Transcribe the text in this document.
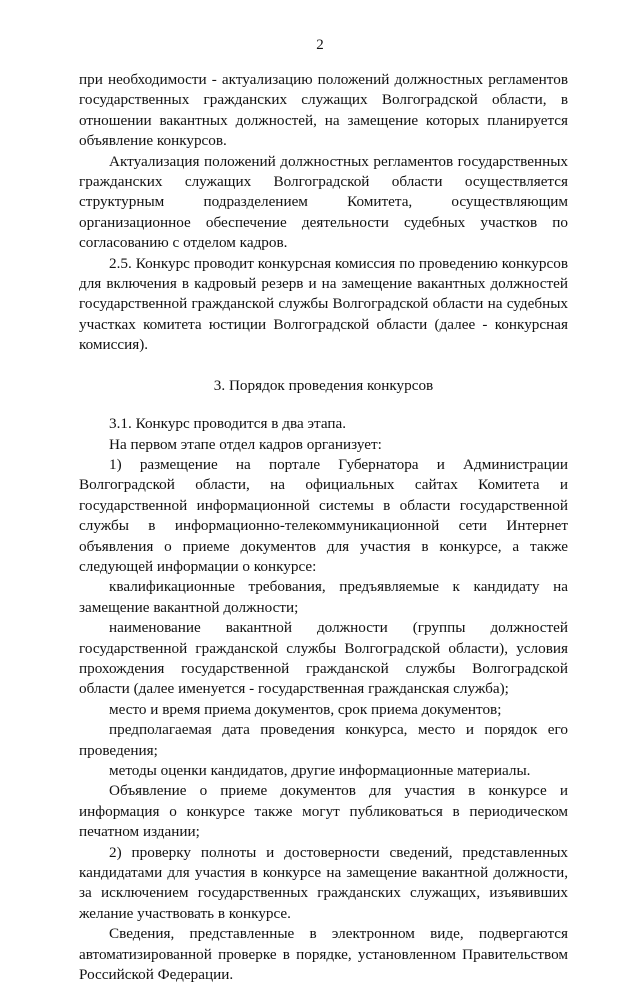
2

при необходимости - актуализацию положений должностных регламентов государственных гражданских служащих Волгоградской области, в отношении вакантных должностей, на замещение которых планируется объявление конкурсов.

Актуализация положений должностных регламентов государственных гражданских служащих Волгоградской области осуществляется структурным подразделением Комитета, осуществляющим организационное обеспечение деятельности судебных участков по согласованию с отделом кадров.

2.5. Конкурс проводит конкурсная комиссия по проведению конкурсов для включения в кадровый резерв и на замещение вакантных должностей государственной гражданской службы Волгоградской области на судебных участках комитета юстиции Волгоградской области (далее - конкурсная комиссия).

3. Порядок проведения конкурсов

3.1. Конкурс проводится в два этапа.

На первом этапе отдел кадров организует:

1) размещение на портале Губернатора и Администрации Волгоградской области, на официальных сайтах Комитета и государственной информационной системы в области государственной службы в информационно-телекоммуникационной сети Интернет объявления о приеме документов для участия в конкурсе, а также следующей информации о конкурсе:

квалификационные требования, предъявляемые к кандидату на замещение вакантной должности;

наименование вакантной должности (группы должностей государственной гражданской службы Волгоградской области), условия прохождения государственной гражданской службы Волгоградской области (далее именуется - государственная гражданская служба);

место и время приема документов, срок приема документов;

предполагаемая дата проведения конкурса, место и порядок его проведения;

методы оценки кандидатов, другие информационные материалы.

Объявление о приеме документов для участия в конкурсе и информация о конкурсе также могут публиковаться в периодическом печатном издании;

2) проверку полноты и достоверности сведений, представленных кандидатами для участия в конкурсе на замещение вакантной должности, за исключением государственных гражданских служащих, изъявивших желание участвовать в конкурсе.

Сведения, представленные в электронном виде, подвергаются автоматизированной проверке в порядке, установленном Правительством Российской Федерации.
